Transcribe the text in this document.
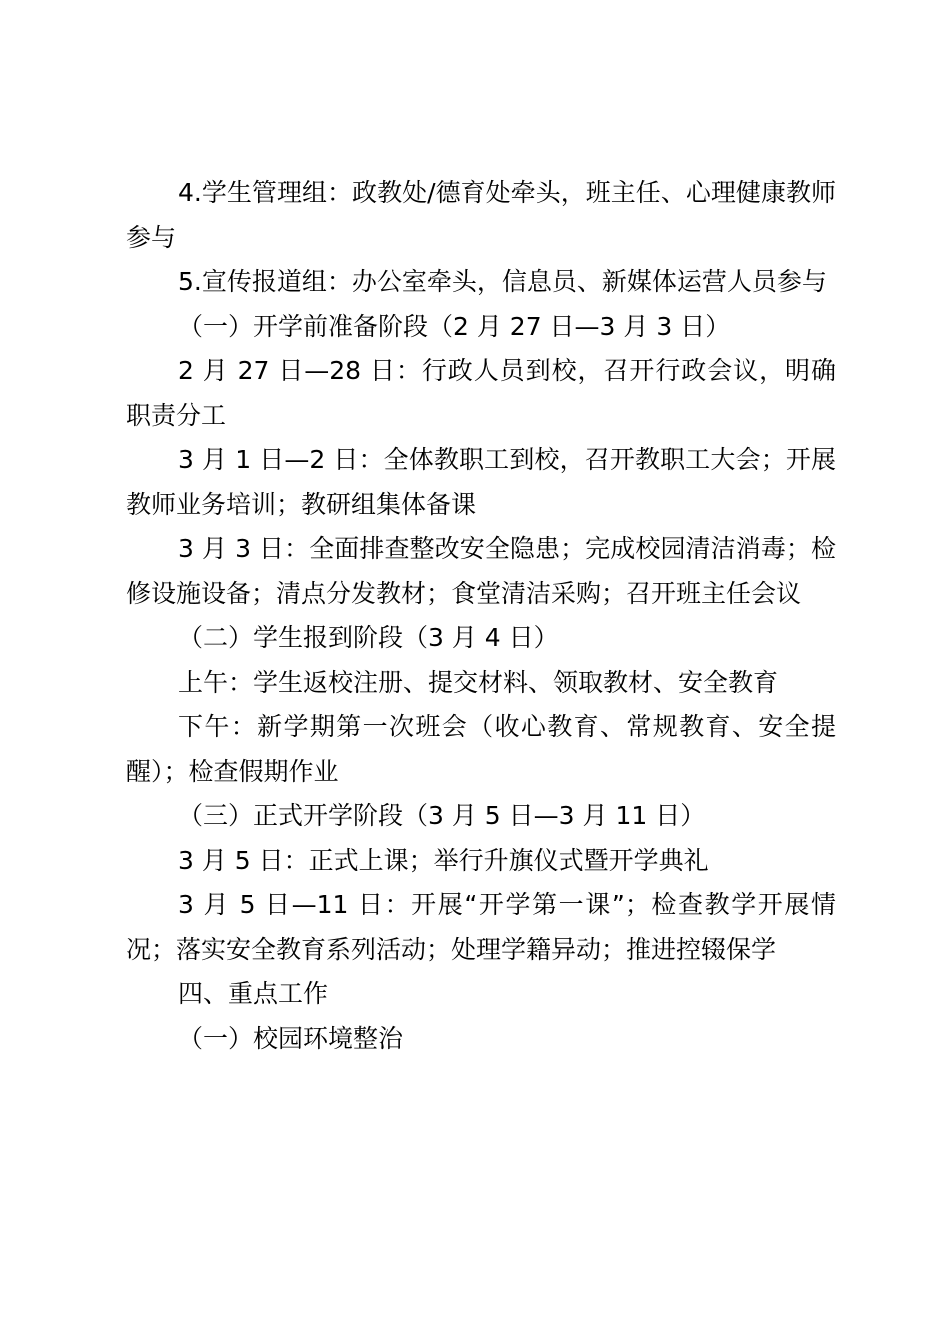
4.学生管理组：政教处/德育处牵头，班主任、心理健康教师参与

5.宣传报道组：办公室牵头，信息员、新媒体运营人员参与

（一）开学前准备阶段（2 月 27 日—3 月 3 日）

2 月 27 日—28 日：行政人员到校，召开行政会议，明确职责分工

3 月 1 日—2 日：全体教职工到校，召开教职工大会；开展教师业务培训；教研组集体备课

3 月 3 日：全面排查整改安全隐患；完成校园清洁消毒；检修设施设备；清点分发教材；食堂清洁采购；召开班主任会议

（二）学生报到阶段（3 月 4 日）

上午：学生返校注册、提交材料、领取教材、安全教育

下午：新学期第一次班会（收心教育、常规教育、安全提醒）；检查假期作业

（三）正式开学阶段（3 月 5 日—3 月 11 日）

3 月 5 日：正式上课；举行升旗仪式暨开学典礼

3 月 5 日—11 日：开展“开学第一课”；检查教学开展情况；落实安全教育系列活动；处理学籍异动；推进控辍保学

四、重点工作

（一）校园环境整治
